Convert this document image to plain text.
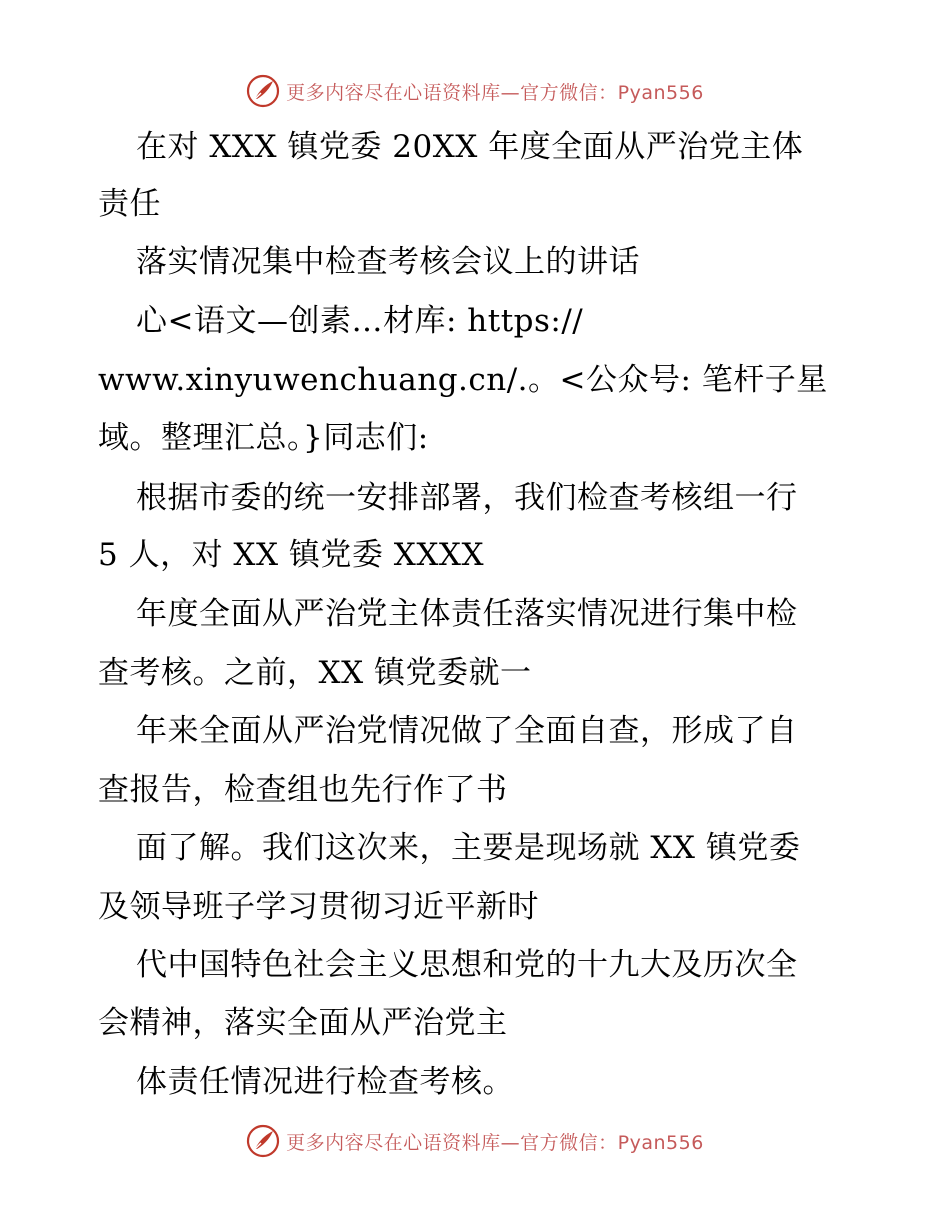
更多内容尽在心语资料库—官方微信：Pyan556
在对 XXX 镇党委 20XX 年度全面从严治党主体
责任
落实情况集中检查考核会议上的讲话
心<语文—创素…材库: https://
www.xinyuwenchuang.cn/.。<公众号: 笔杆子星
域。整理汇总。}同志们:
根据市委的统一安排部署，我们检查考核组一行
5 人，对 XX 镇党委 XXXX
年度全面从严治党主体责任落实情况进行集中检
查考核。之前，XX 镇党委就一
年来全面从严治党情况做了全面自查，形成了自
查报告，检查组也先行作了书
面了解。我们这次来，主要是现场就 XX 镇党委
及领导班子学习贯彻习近平新时
代中国特色社会主义思想和党的十九大及历次全
会精神，落实全面从严治党主
体责任情况进行检查考核。
更多内容尽在心语资料库—官方微信：Pyan556
